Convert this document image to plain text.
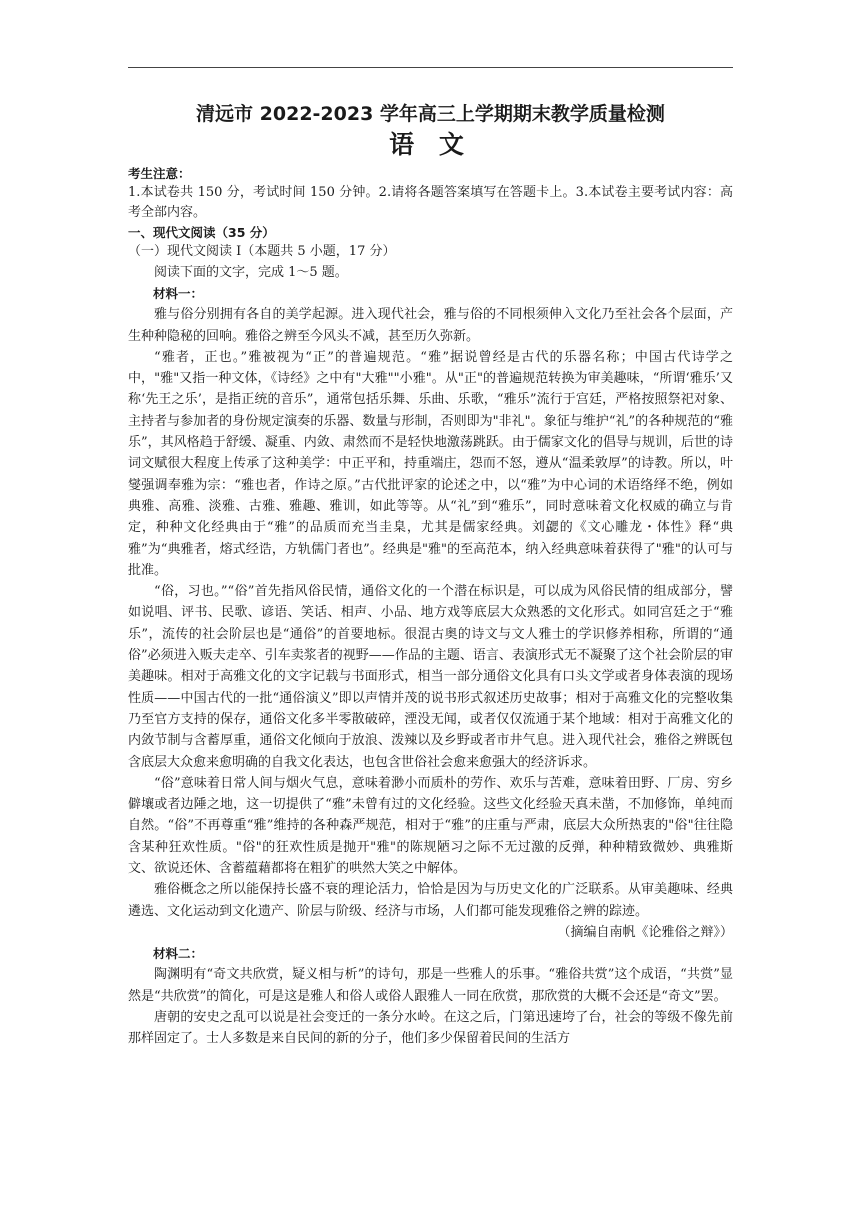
清远市 2022-2023 学年高三上学期期末教学质量检测
语 文
考生注意：

1.本试卷共 150 分，考试时间 150 分钟。2.请将各题答案填写在答题卡上。3.本试卷主要考试内容：高考全部内容。

一、现代文阅读（35 分）

（一）现代文阅读 I（本题共 5 小题，17 分）

阅读下面的文字，完成 1～5 题。

材料一：

雅与俗分别拥有各自的美学起源。进入现代社会，雅与俗的不同根须伸入文化乃至社会各个层面，产生种种隐秘的回响。雅俗之辨至今风头不减，甚至历久弥新。

“雅者，正也。”雅被视为“正”的普遍规范。“雅”据说曾经是古代的乐器名称；中国古代诗学之中，"雅"又指一种文体，《诗经》之中有"大雅""小雅"。从"正"的普遍规范转换为审美趣味，“所谓‘雅乐’又称‘先王之乐’，是指正统的音乐”，通常包括乐舞、乐曲、乐歌，“雅乐”流行于宫廷，严格按照祭祀对象、主持者与参加者的身份规定演奏的乐器、数量与形制，否则即为"非礼"。象征与维护“礼”的各种规范的“雅乐”，其风格趋于舒缓、凝重、内敛、肃然而不是轻快地激荡跳跃。由于儒家文化的倡导与规训，后世的诗词文赋很大程度上传承了这种美学：中正平和，持重端庄，怨而不怒，遵从“温柔敦厚”的诗教。所以，叶燮强调奉雅为宗：“雅也者，作诗之原。”古代批评家的论述之中，以“雅”为中心词的术语络绎不绝，例如典雅、高雅、淡雅、古雅、雅趣、雅训，如此等等。从“礼”到“雅乐”，同时意味着文化权威的确立与肯定，种种文化经典由于“雅”的品质而充当圭臬，尤其是儒家经典。刘勰的《文心雕龙・体性》释“典雅”为“典雅者，熔式经诰，方轨儒门者也”。经典是"雅"的至高范本，纳入经典意味着获得了"雅"的认可与批准。

“俗，习也。”“俗”首先指风俗民情，通俗文化的一个潜在标识是，可以成为风俗民情的组成部分，譬如说唱、评书、民歌、谚语、笑话、相声、小品、地方戏等底层大众熟悉的文化形式。如同宫廷之于“雅乐”，流传的社会阶层也是“通俗”的首要地标。很混古奥的诗文与文人雅士的学识修养相称，所谓的“通俗”必须进入贩夫走卒、引车卖浆者的视野——作品的主题、语言、表演形式无不凝聚了这个社会阶层的审美趣味。相对于高雅文化的文字记载与书面形式，相当一部分通俗文化具有口头文学或者身体表演的现场性质——中国古代的一批“通俗演义”即以声情并茂的说书形式叙述历史故事；相对于高雅文化的完整收集乃至官方支持的保存，通俗文化多半零散破碎，湮没无闻，或者仅仅流通于某个地域：相对于高雅文化的内敛节制与含蓄厚重，通俗文化倾向于放浪、泼辣以及乡野或者市井气息。进入现代社会，雅俗之辨既包含底层大众愈来愈明确的自我文化表达，也包含世俗社会愈来愈强大的经济诉求。

“俗”意味着日常人间与烟火气息，意味着渺小而质朴的劳作、欢乐与苦难，意味着田野、厂房、穷乡僻壤或者边陲之地，这一切提供了“雅”未曾有过的文化经验。这些文化经验天真未凿，不加修饰，单纯而自然。“俗”不再尊重“雅”维持的各种森严规范，相对于“雅”的庄重与严肃，底层大众所热衷的"俗"往往隐含某种狂欢性质。"俗"的狂欢性质是抛开"雅"的陈规陋习之际不无过激的反弹，种种精致微妙、典雅斯文、欲说还休、含蓄蕴藉都将在粗犷的哄然大笑之中解体。

雅俗概念之所以能保持长盛不衰的理论活力，恰恰是因为与历史文化的广泛联系。从审美趣味、经典遴选、文化运动到文化遗产、阶层与阶级、经济与市场，人们都可能发现雅俗之辨的踪迹。

（摘编自南帆《论雅俗之辩》）

材料二：

陶渊明有“奇文共欣赏，疑义相与析”的诗句，那是一些雅人的乐事。“雅俗共赏”这个成语，“共赏”显然是“共欣赏”的简化，可是这是雅人和俗人或俗人跟雅人一同在欣赏，那欣赏的大概不会还是“奇文”罢。

唐朝的安史之乱可以说是社会变迁的一条分水岭。在这之后，门第迅速垮了台，社会的等级不像先前那样固定了。士人多数是来自民间的新的分子，他们多少保留着民间的生活方
